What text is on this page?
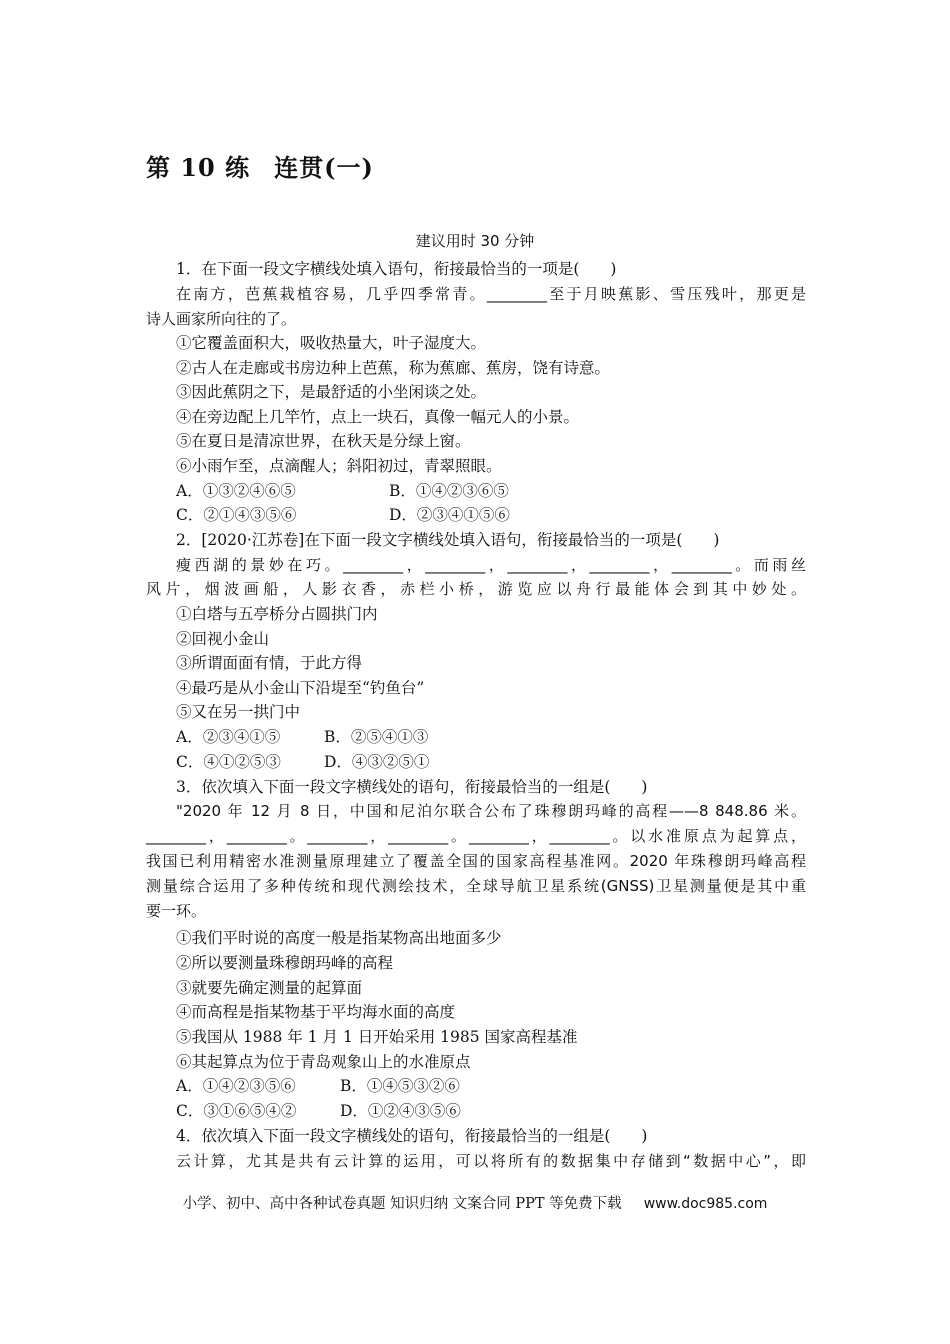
第 10 练 连贯(一)
建议用时 30 分钟
1．在下面一段文字横线处填入语句，衔接最恰当的一项是(　　)
在南方，芭蕉栽植容易，几乎四季常青。________至于月映蕉影、雪压残叶，那更是
诗人画家所向往的了。
①它覆盖面积大，吸收热量大，叶子湿度大。
②古人在走廊或书房边种上芭蕉，称为蕉廊、蕉房，饶有诗意。
③因此蕉阴之下，是最舒适的小坐闲谈之处。
④在旁边配上几竿竹，点上一块石，真像一幅元人的小景。
⑤在夏日是清凉世界，在秋天是分绿上窗。
⑥小雨乍至，点滴醒人；斜阳初过，青翠照眼。
A．①③②④⑥⑤	B．①④②③⑥⑤
C．②①④③⑤⑥	D．②③④①⑤⑥
2．[2020·江苏卷]在下面一段文字横线处填入语句，衔接最恰当的一项是(　　)
瘦西湖的景妙在巧。________，________，________，________，________。而雨丝
风片，烟波画船，人影衣香，赤栏小桥，游览应以舟行最能体会到其中妙处。
①白塔与五亭桥分占圆拱门内
②回视小金山
③所谓面面有情，于此方得
④最巧是从小金山下沿堤至“钓鱼台”
⑤又在另一拱门中
A．②③④①⑤	B．②⑤④①③
C．④①②⑤③	D．④③②⑤①
3．依次填入下面一段文字横线处的语句，衔接最恰当的一组是(　　)
"2020 年 12 月 8 日，中国和尼泊尔联合公布了珠穆朗玛峰的高程——8 848.86 米。
________，________。________，________。________，________。以水准原点为起算点，
我国已利用精密水准测量原理建立了覆盖全国的国家高程基准网。2020 年珠穆朗玛峰高程
测量综合运用了多种传统和现代测绘技术，全球导航卫星系统(GNSS)卫星测量便是其中重
要一环。
①我们平时说的高度一般是指某物高出地面多少
②所以要测量珠穆朗玛峰的高程
③就要先确定测量的起算面
④而高程是指某物基于平均海水面的高度
⑤我国从 1988 年 1 月 1 日开始采用 1985 国家高程基准
⑥其起算点为位于青岛观象山上的水准原点
A．①④②③⑤⑥	B．①④⑤③②⑥
C．③①⑥⑤④②	D．①②④③⑤⑥
4．依次填入下面一段文字横线处的语句，衔接最恰当的一组是(　　)
云计算，尤其是共有云计算的运用，可以将所有的数据集中存储到“数据中心”，即
小学、初中、高中各种试卷真题 知识归纳 文案合同 PPT 等免费下载 www.doc985.com
